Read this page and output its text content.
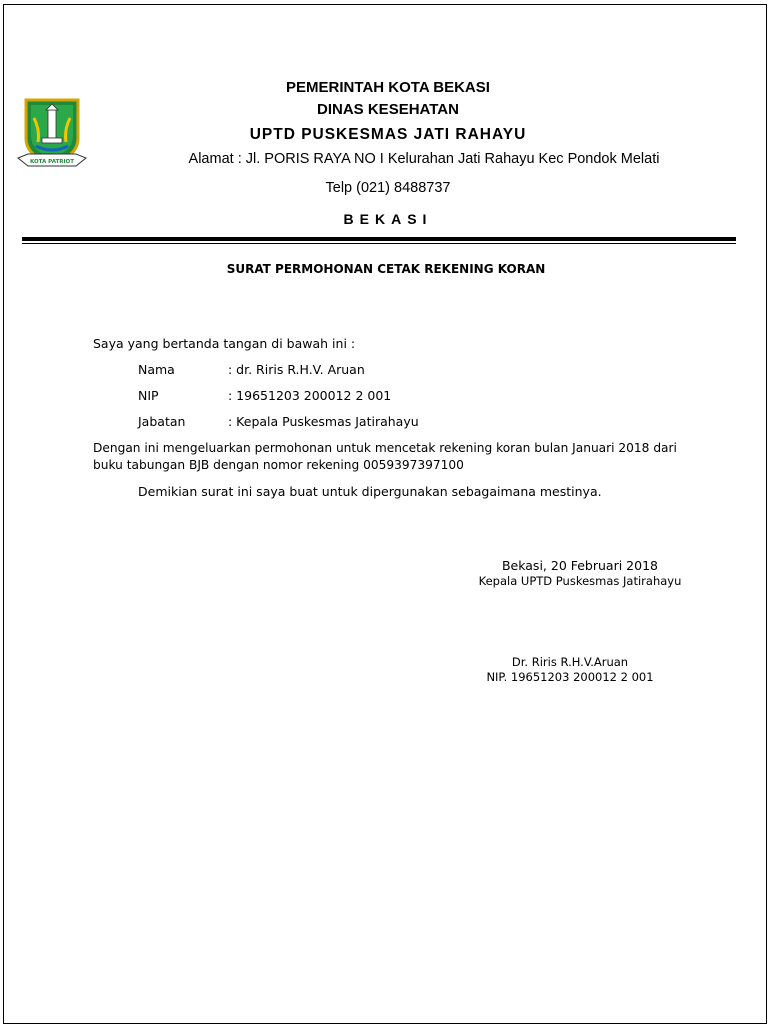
KOTA PATRIOT
PEMERINTAH KOTA BEKASI
DINAS KESEHATAN
UPTD PUSKESMAS JATI RAHAYU
Alamat : Jl. PORIS RAYA NO I Kelurahan Jati Rahayu Kec Pondok Melati
Telp (021) 8488737
BEKASI
SURAT PERMOHONAN CETAK REKENING KORAN
Saya yang bertanda tangan di bawah ini :
Nama	: dr. Riris R.H.V. Aruan
NIP	: 19651203 200012 2 001
Jabatan	: Kepala Puskesmas Jatirahayu
Dengan ini mengeluarkan permohonan untuk mencetak rekening koran bulan Januari 2018 dari
buku tabungan BJB dengan nomor rekening 0059397397100
Demikian surat ini saya buat untuk dipergunakan sebagaimana mestinya.
Bekasi, 20 Februari 2018
Kepala UPTD Puskesmas Jatirahayu
Dr. Riris R.H.V.Aruan
NIP. 19651203 200012 2 001
